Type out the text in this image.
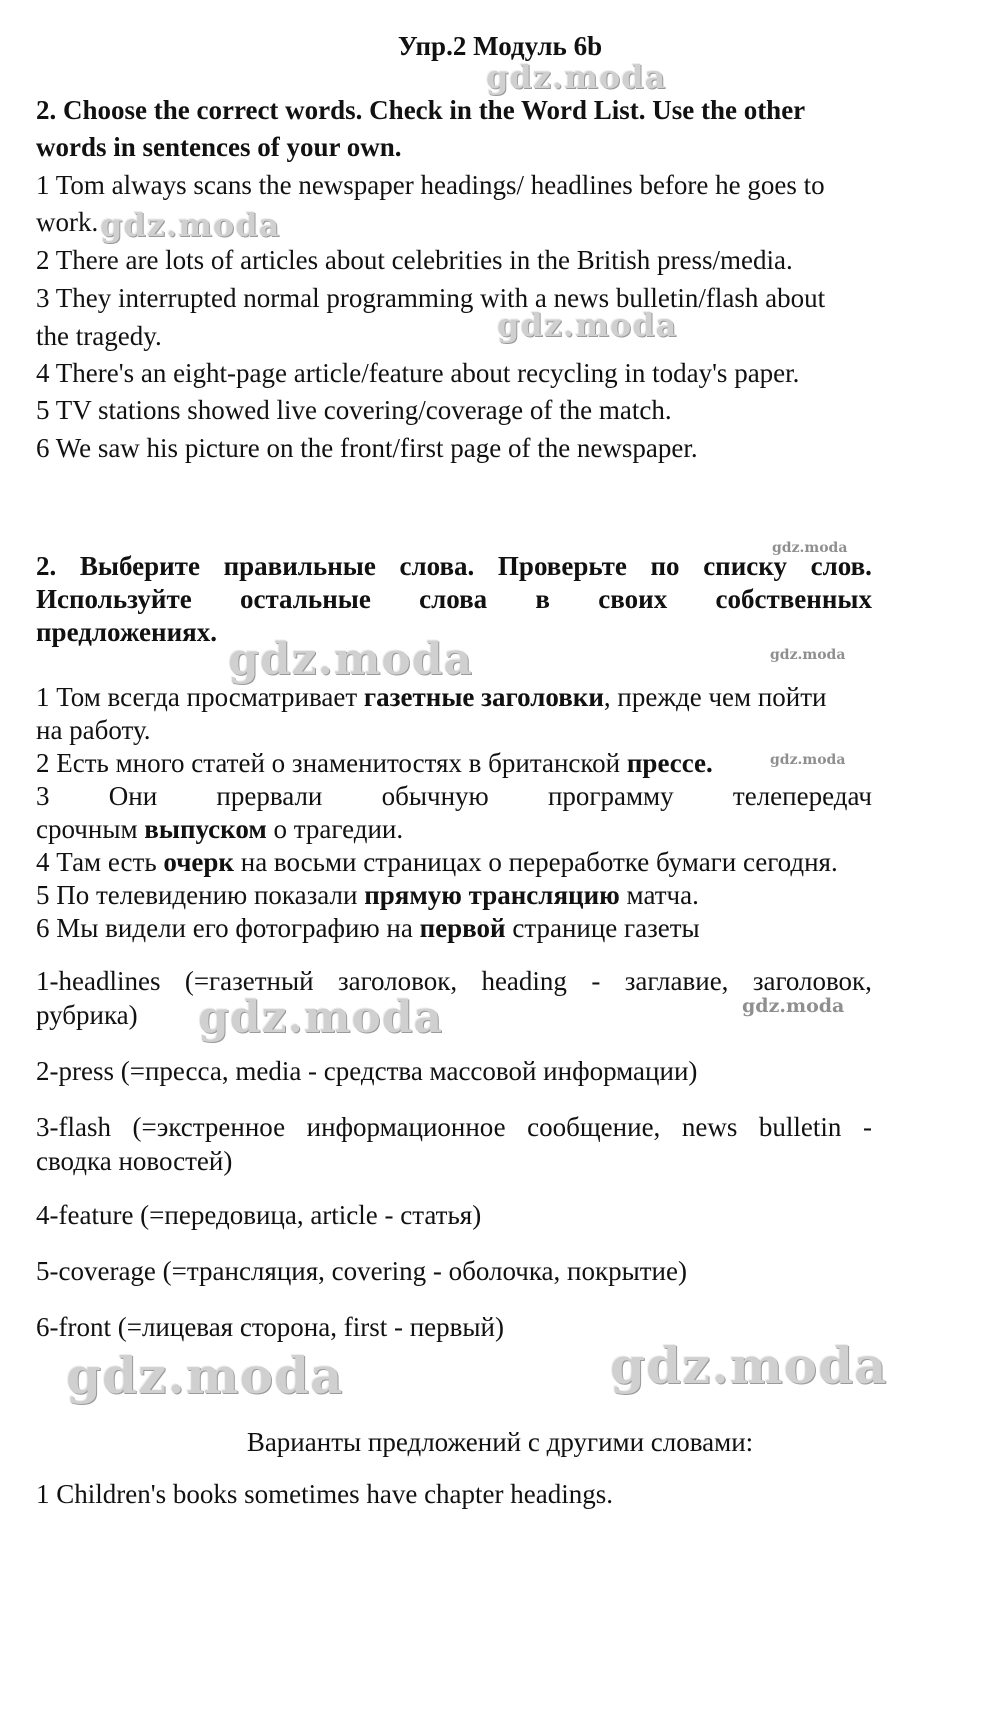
Упр.2 Модуль 6b
2. Choose the correct words. Check in the Word List. Use the other
words in sentences of your own.
1 Tom always scans the newspaper headings/ headlines before he goes to
work.
2 There are lots of articles about celebrities in the British press/media.
3 They interrupted normal programming with a news bulletin/flash about
the tragedy.
4 There's an eight-page article/feature about recycling in today's paper.
5 TV stations showed live covering/coverage of the match.
6 We saw his picture on the front/first page of the newspaper.
2. Выберите правильные слова. Проверьте по списку слов.
Используйте остальные слова в своих собственных
предложениях.
1 Том всегда просматривает газетные заголовки, прежде чем пойти
на работу.
2 Есть много статей о знаменитостях в британской прессе.
3 Они прервали обычную программу телепередач
срочным выпуском о трагедии.
4 Там есть очерк на восьми страницах о переработке бумаги сегодня.
5 По телевидению показали прямую трансляцию матча.
6 Мы видели его фотографию на первой странице газеты
1-headlines (=газетный заголовок, heading - заглавие, заголовок,
рубрика)
2-press (=пресса, media - средства массовой информации)
3-flash (=экстренное информационное сообщение, news bulletin -
сводка новостей)
4-feature (=передовица, article - статья)
5-coverage (=трансляция, covering - оболочка, покрытие)
6-front (=лицевая сторона, first - первый)
Варианты предложений с другими словами:
1 Children's books sometimes have chapter headings.
gdz.moda
gdz.moda
gdz.moda
gdz.moda
gdz.moda	gdz.moda
gdz.moda
gdz.moda
gdz.moda
gdz.moda	gdz.moda
